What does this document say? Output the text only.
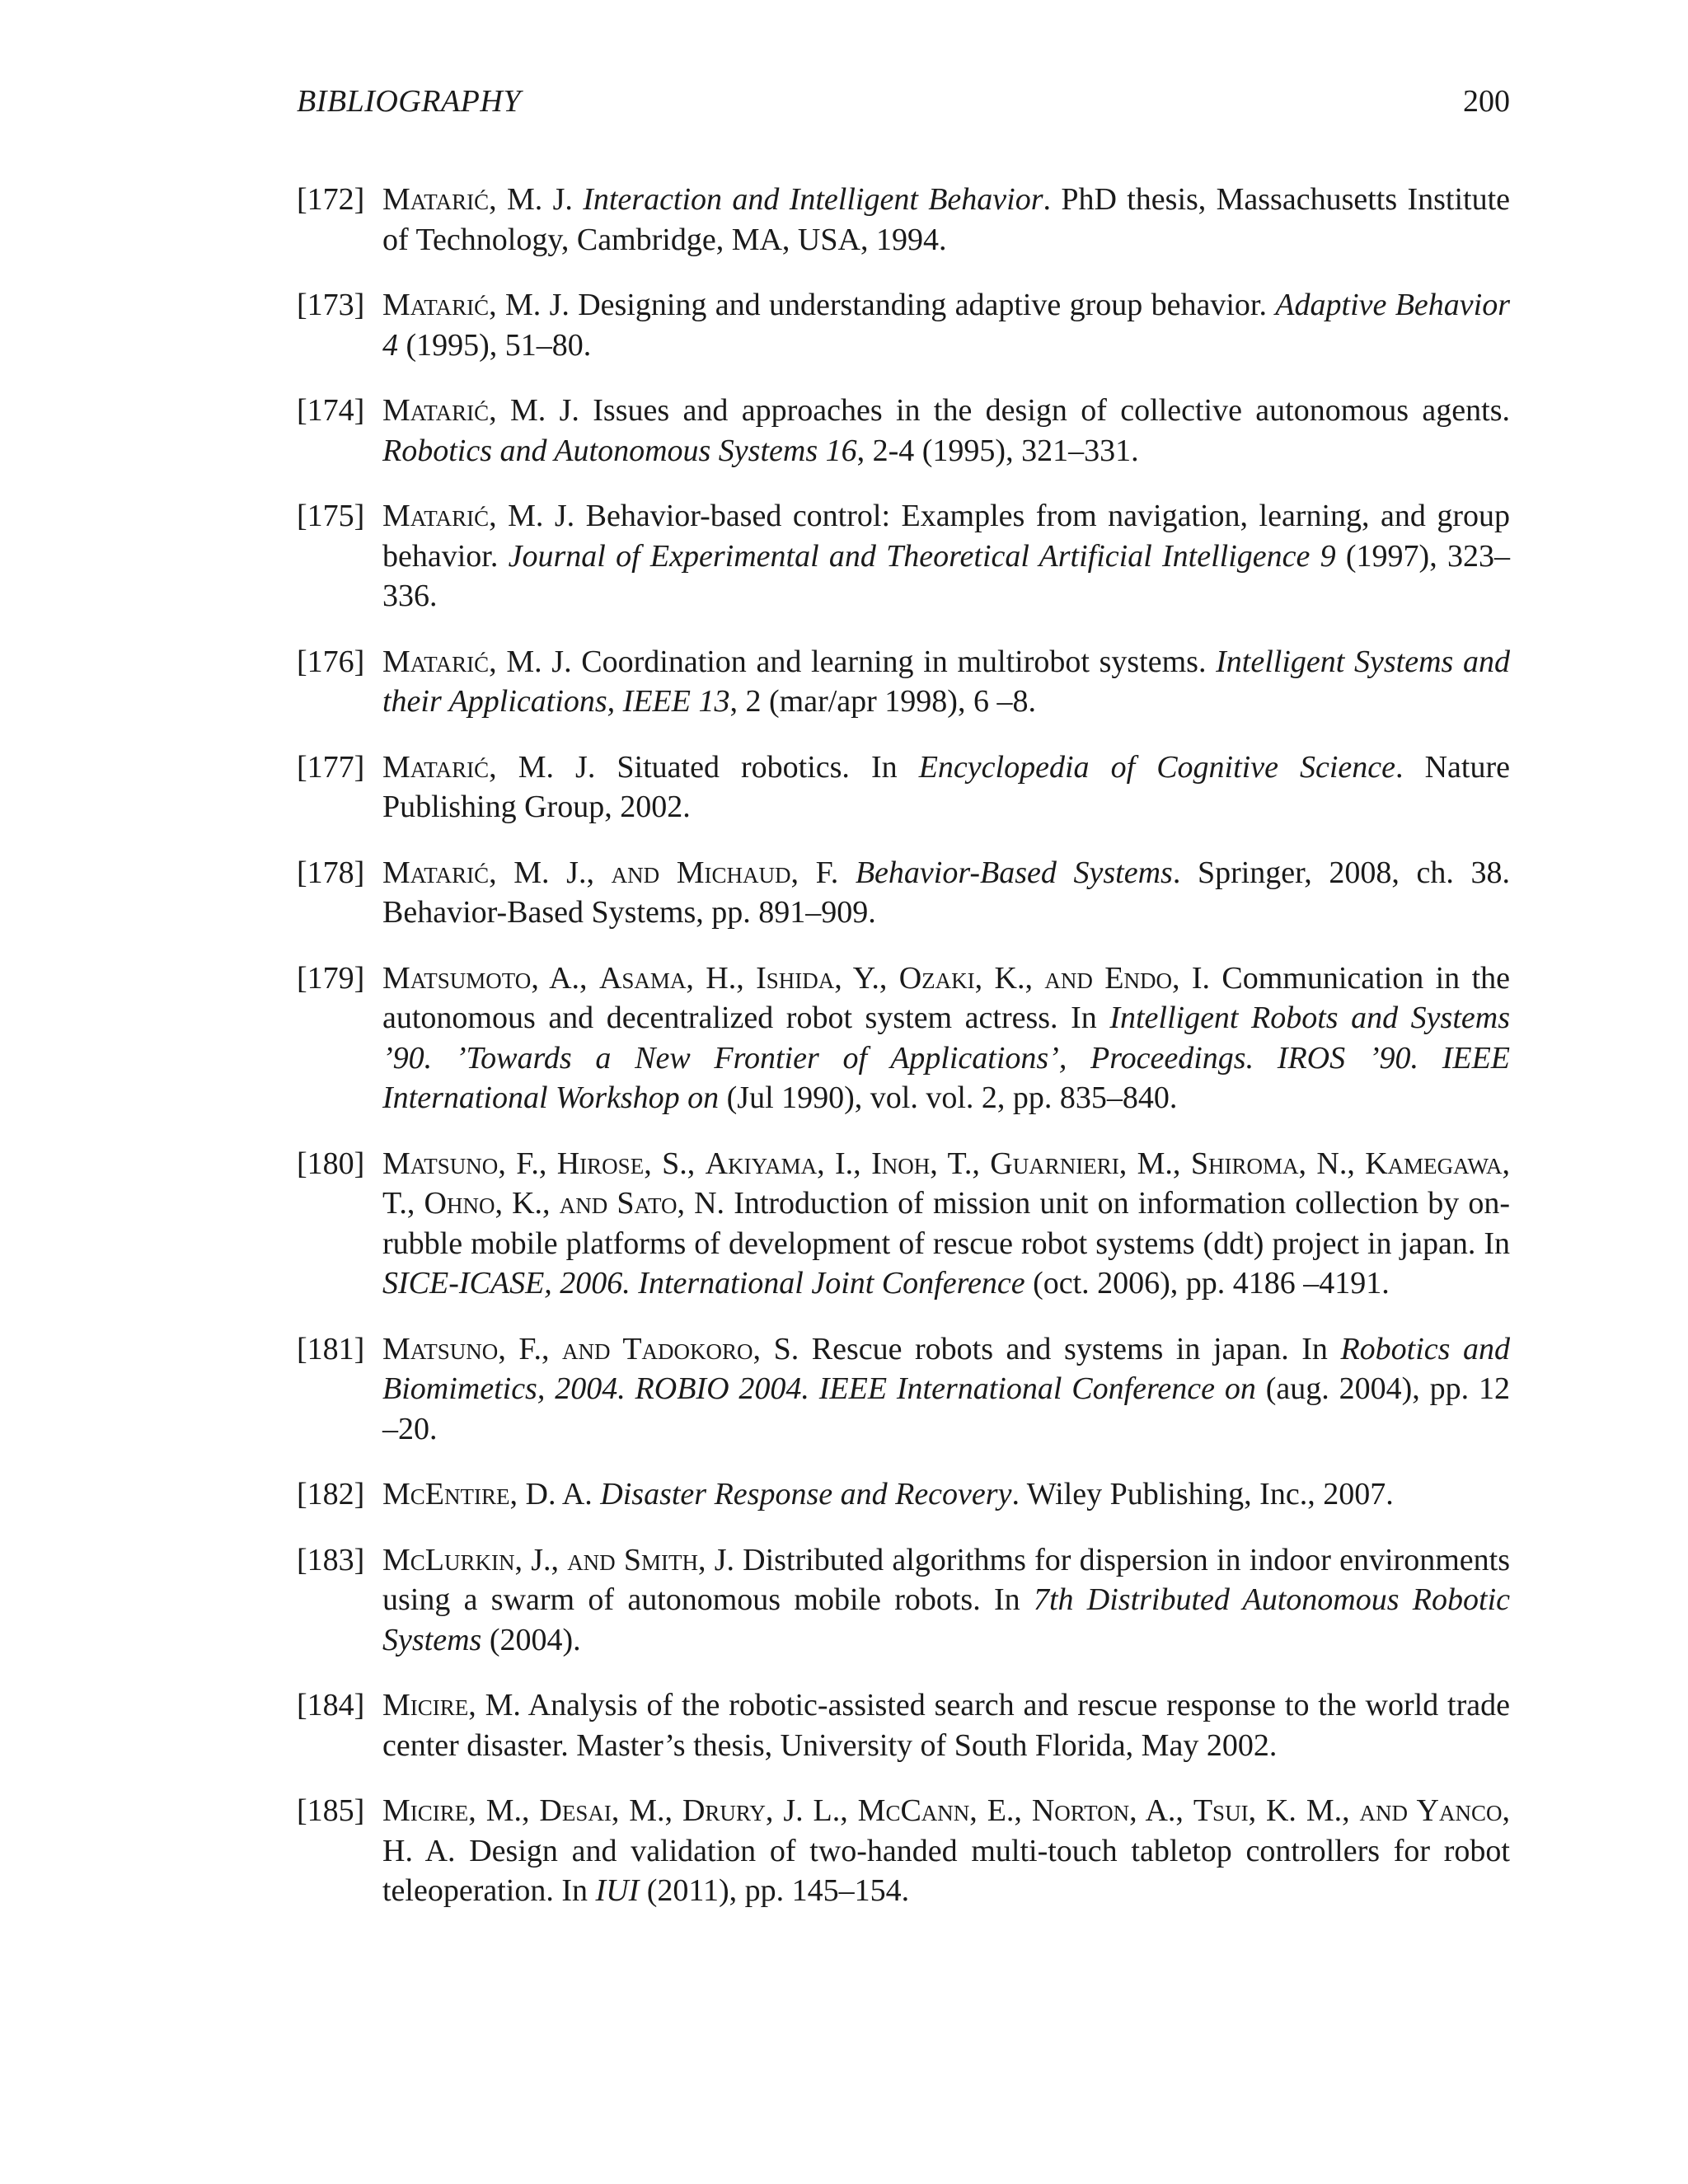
BIBLIOGRAPHY	200
[172] Matarić, M. J. Interaction and Intelligent Behavior. PhD thesis, Massachusetts Institute of Technology, Cambridge, MA, USA, 1994.
[173] Matarić, M. J. Designing and understanding adaptive group behavior. Adaptive Behavior 4 (1995), 51–80.
[174] Matarić, M. J. Issues and approaches in the design of collective autonomous agents. Robotics and Autonomous Systems 16, 2-4 (1995), 321–331.
[175] Matarić, M. J. Behavior-based control: Examples from navigation, learning, and group behavior. Journal of Experimental and Theoretical Artificial Intelligence 9 (1997), 323–336.
[176] Matarić, M. J. Coordination and learning in multirobot systems. Intelligent Systems and their Applications, IEEE 13, 2 (mar/apr 1998), 6 –8.
[177] Matarić, M. J. Situated robotics. In Encyclopedia of Cognitive Science. Nature Publishing Group, 2002.
[178] Matarić, M. J., and Michaud, F. Behavior-Based Systems. Springer, 2008, ch. 38. Behavior-Based Systems, pp. 891–909.
[179] Matsumoto, A., Asama, H., Ishida, Y., Ozaki, K., and Endo, I. Communication in the autonomous and decentralized robot system actress. In Intelligent Robots and Systems ’90. ’Towards a New Frontier of Applications’, Proceedings. IROS ’90. IEEE International Workshop on (Jul 1990), vol. vol. 2, pp. 835–840.
[180] Matsuno, F., Hirose, S., Akiyama, I., Inoh, T., Guarnieri, M., Shiroma, N., Kamegawa, T., Ohno, K., and Sato, N. Introduction of mission unit on information collection by on-rubble mobile platforms of development of rescue robot systems (ddt) project in japan. In SICE-ICASE, 2006. International Joint Conference (oct. 2006), pp. 4186 –4191.
[181] Matsuno, F., and Tadokoro, S. Rescue robots and systems in japan. In Robotics and Biomimetics, 2004. ROBIO 2004. IEEE International Conference on (aug. 2004), pp. 12 –20.
[182] McEntire, D. A. Disaster Response and Recovery. Wiley Publishing, Inc., 2007.
[183] McLurkin, J., and Smith, J. Distributed algorithms for dispersion in indoor environments using a swarm of autonomous mobile robots. In 7th Distributed Autonomous Robotic Systems (2004).
[184] Micire, M. Analysis of the robotic-assisted search and rescue response to the world trade center disaster. Master’s thesis, University of South Florida, May 2002.
[185] Micire, M., Desai, M., Drury, J. L., McCann, E., Norton, A., Tsui, K. M., and Yanco, H. A. Design and validation of two-handed multi-touch tabletop controllers for robot teleoperation. In IUI (2011), pp. 145–154.
